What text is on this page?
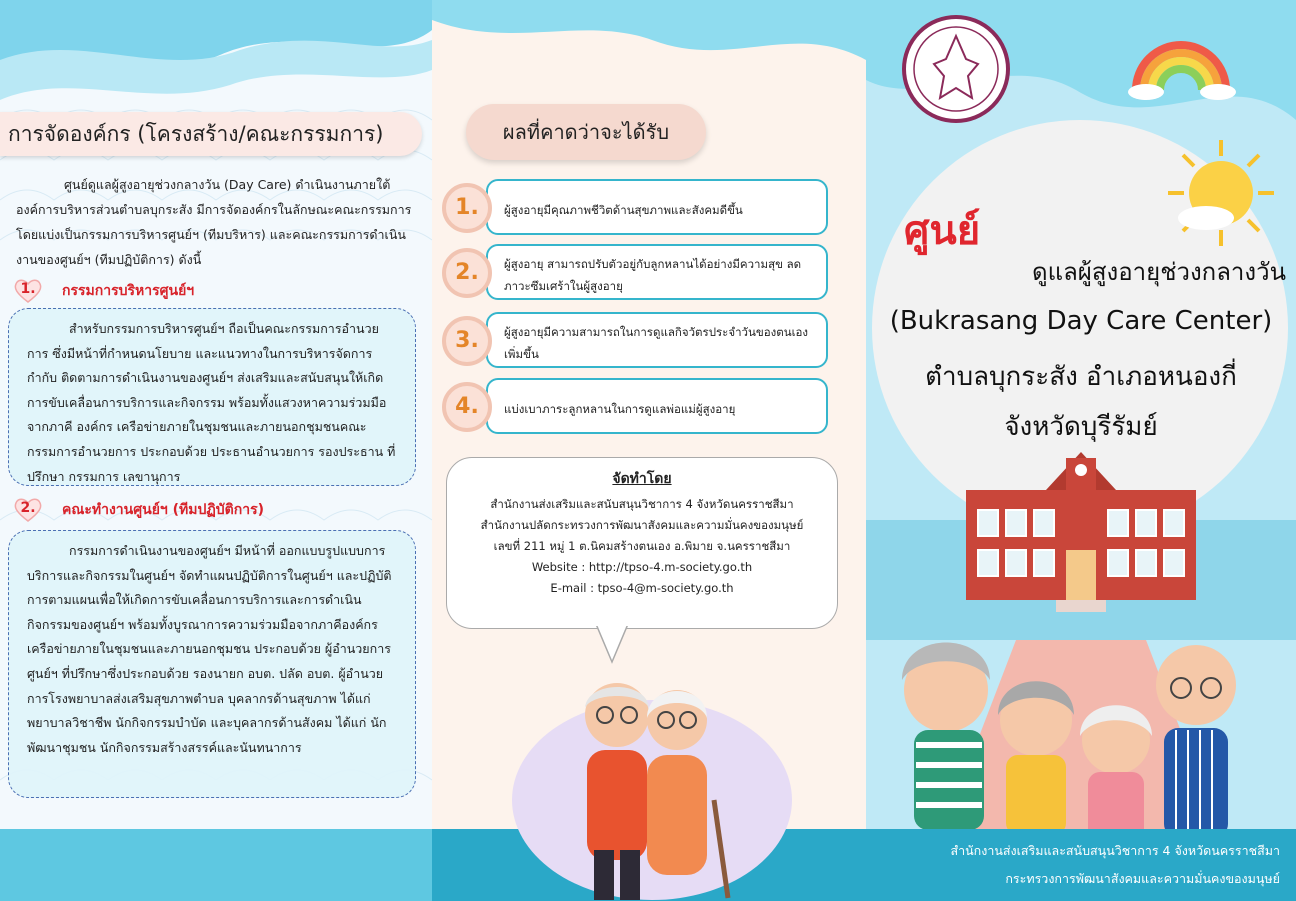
การจัดองค์กร (โครงสร้าง/คณะกรรมการ)
ศูนย์ดูแลผู้สูงอายุช่วงกลางวัน (Day Care) ดำเนินงานภายใต้องค์การบริหารส่วนตำบลบุกระสัง มีการจัดองค์กรในลักษณะคณะกรรมการ โดยแบ่งเป็นกรรมการบริหารศูนย์ฯ (ทีมบริหาร) และคณะกรรมการดำเนินงานของศูนย์ฯ (ทีมปฏิบัติการ) ดังนี้
1.	กรรมการบริหารศูนย์ฯ
สำหรับกรรมการบริหารศูนย์ฯ ถือเป็นคณะกรรมการอำนวยการ ซึ่งมีหน้าที่กำหนดนโยบาย และแนวทางในการบริหารจัดการ กำกับ ติดตามการดำเนินงานของศูนย์ฯ ส่งเสริมและสนับสนุนให้เกิดการขับเคลื่อนการบริการและกิจกรรม พร้อมทั้งแสวงหาความร่วมมือจากภาคี องค์กร เครือข่ายภายในชุมชนและภายนอกชุมชนคณะกรรมการอำนวยการ ประกอบด้วย ประธานอำนวยการ รองประธาน ที่ปรึกษา กรรมการ เลขานุการ
2.	คณะทำงานศูนย์ฯ (ทีมปฏิบัติการ)
กรรมการดำเนินงานของศูนย์ฯ มีหน้าที่ ออกแบบรูปแบบการบริการและกิจกรรมในศูนย์ฯ จัดทำแผนปฏิบัติการในศูนย์ฯ และปฏิบัติการตามแผนเพื่อให้เกิดการขับเคลื่อนการบริการและการดำเนินกิจกรรมของศูนย์ฯ พร้อมทั้งบูรณาการความร่วมมือจากภาคีองค์กรเครือข่ายภายในชุมชนและภายนอกชุมชน ประกอบด้วย ผู้อำนวยการศูนย์ฯ ที่ปรึกษาซึ่งประกอบด้วย รองนายก อบต. ปลัด อบต. ผู้อำนวยการโรงพยาบาลส่งเสริมสุขภาพตำบล บุคลากรด้านสุขภาพ ได้แก่ พยาบาลวิชาชีพ นักกิจกรรมบำบัด และบุคลากรด้านสังคม ได้แก่ นักพัฒนาชุมชน นักกิจกรรมสร้างสรรค์และนันทนาการ
ผลที่คาดว่าจะได้รับ
1.	ผู้สูงอายุมีคุณภาพชีวิตด้านสุขภาพและสังคมดีขึ้น
2.	ผู้สูงอายุ สามารถปรับตัวอยู่กับลูกหลานได้อย่างมีความสุข ลดภาวะซึมเศร้าในผู้สูงอายุ
3.	ผู้สูงอายุมีความสามารถในการดูแลกิจวัตรประจำวันของตนเองเพิ่มขึ้น
4.	แบ่งเบาภาระลูกหลานในการดูแลพ่อแม่ผู้สูงอายุ
จัดทำโดย
สำนักงานส่งเสริมและสนับสนุนวิชาการ 4 จังหวัดนครราชสีมา
สำนักงานปลัดกระทรวงการพัฒนาสังคมและความมั่นคงของมนุษย์
เลขที่ 211 หมู่ 1 ต.นิคมสร้างตนเอง อ.พิมาย จ.นครราชสีมา
Website : http://tpso-4.m-society.go.th
E-mail : tpso-4@m-society.go.th
ศูนย์
ดูแลผู้สูงอายุช่วงกลางวัน
(Bukrasang Day Care Center)
ตำบลบุกระสัง อำเภอหนองกี่
จังหวัดบุรีรัมย์
สำนักงานส่งเสริมและสนับสนุนวิชาการ 4 จังหวัดนครราชสีมา
กระทรวงการพัฒนาสังคมและความมั่นคงของมนุษย์
